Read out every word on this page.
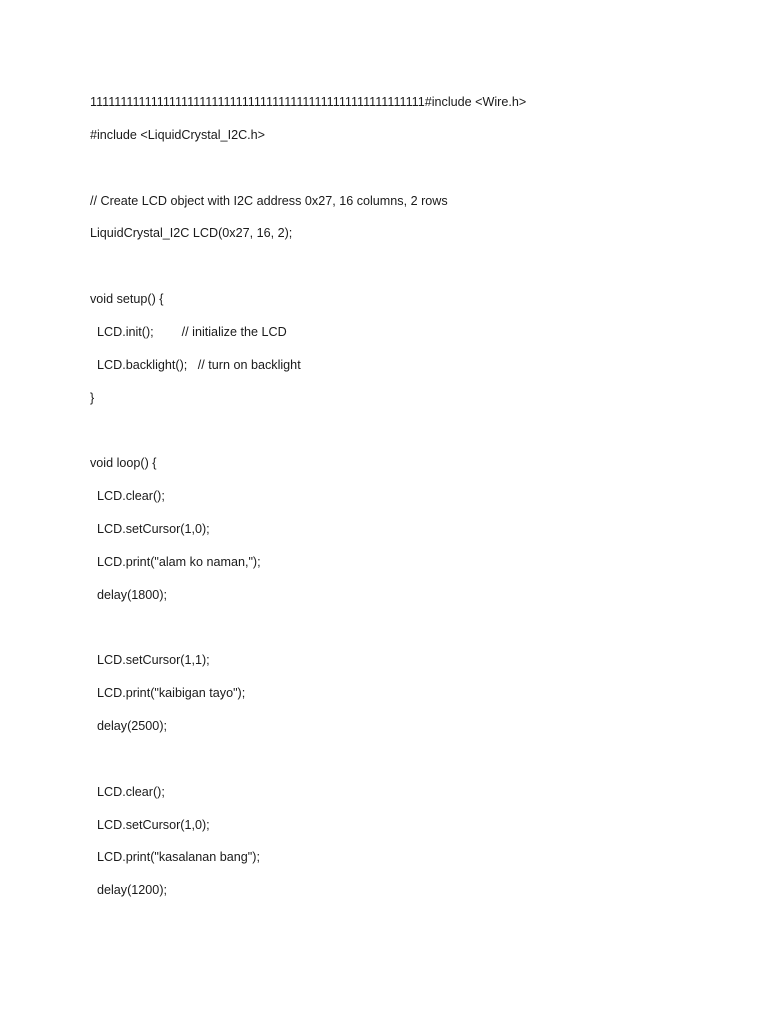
1111111111111111111111111111111111111111111111111111111#include <Wire.h>
#include <LiquidCrystal_I2C.h>
// Create LCD object with I2C address 0x27, 16 columns, 2 rows
LiquidCrystal_I2C LCD(0x27, 16, 2);
void setup() {
LCD.init();        // initialize the LCD
LCD.backlight();   // turn on backlight
}
void loop() {
LCD.clear();
LCD.setCursor(1,0);
LCD.print("alam ko naman,");
delay(1800);
LCD.setCursor(1,1);
LCD.print("kaibigan tayo");
delay(2500);
LCD.clear();
LCD.setCursor(1,0);
LCD.print("kasalanan bang");
delay(1200);
